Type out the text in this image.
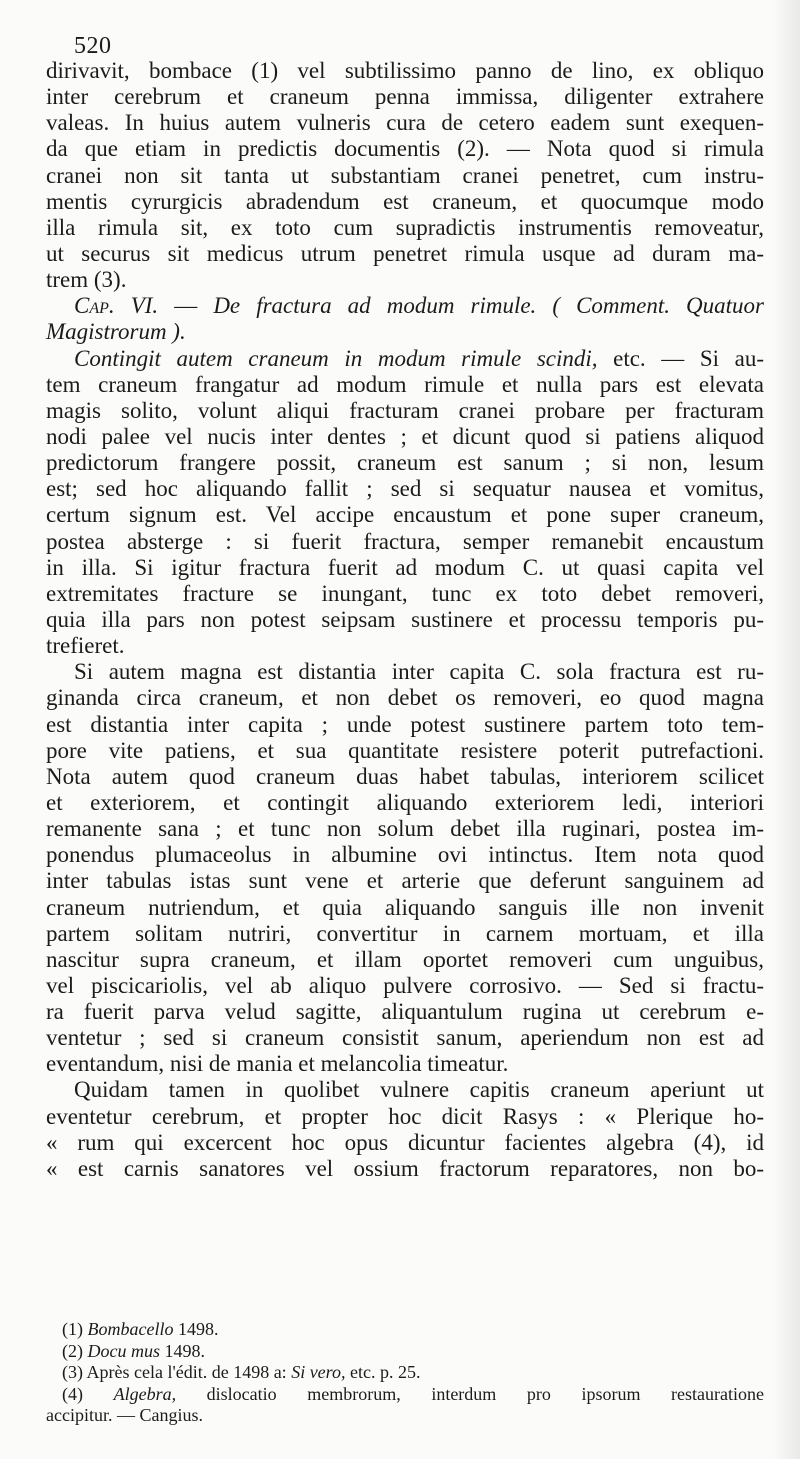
520
dirivavit, bombace (1) vel subtilissimo panno de lino, ex obliquo
inter cerebrum et craneum penna immissa, diligenter extrahere
valeas. In huius autem vulneris cura de cetero eadem sunt exequen-
da que etiam in predictis documentis (2). — Nota quod si rimula
cranei non sit tanta ut substantiam cranei penetret, cum instru-
mentis cyrurgicis abradendum est craneum, et quocumque modo
illa rimula sit, ex toto cum supradictis instrumentis removeatur,
ut securus sit medicus utrum penetret rimula usque ad duram ma-
trem (3).
Cap. VI. — De fractura ad modum rimule. ( Comment. Quatuor
Magistrorum ).
Contingit autem craneum in modum rimule scindi, etc. — Si au-
tem craneum frangatur ad modum rimule et nulla pars est elevata
magis solito, volunt aliqui fracturam cranei probare per fracturam
nodi palee vel nucis inter dentes ; et dicunt quod si patiens aliquod
predictorum frangere possit, craneum est sanum ; si non, lesum
est; sed hoc aliquando fallit ; sed si sequatur nausea et vomitus,
certum signum est. Vel accipe encaustum et pone super craneum,
postea absterge : si fuerit fractura, semper remanebit encaustum
in illa. Si igitur fractura fuerit ad modum C. ut quasi capita vel
extremitates fracture se inungant, tunc ex toto debet removeri,
quia illa pars non potest seipsam sustinere et processu temporis pu-
trefieret.
Si autem magna est distantia inter capita C. sola fractura est ru-
ginanda circa craneum, et non debet os removeri, eo quod magna
est distantia inter capita ; unde potest sustinere partem toto tem-
pore vite patiens, et sua quantitate resistere poterit putrefactioni.
Nota autem quod craneum duas habet tabulas, interiorem scilicet
et exteriorem, et contingit aliquando exteriorem ledi, interiori
remanente sana ; et tunc non solum debet illa ruginari, postea im-
ponendus plumaceolus in albumine ovi intinctus. Item nota quod
inter tabulas istas sunt vene et arterie que deferunt sanguinem ad
craneum nutriendum, et quia aliquando sanguis ille non invenit
partem solitam nutriri, convertitur in carnem mortuam, et illa
nascitur supra craneum, et illam oportet removeri cum unguibus,
vel piscicariolis, vel ab aliquo pulvere corrosivo. — Sed si fractu-
ra fuerit parva velud sagitte, aliquantulum rugina ut cerebrum e-
ventetur ; sed si craneum consistit sanum, aperiendum non est ad
eventandum, nisi de mania et melancolia timeatur.
Quidam tamen in quolibet vulnere capitis craneum aperiunt ut
eventetur cerebrum, et propter hoc dicit Rasys : « Plerique ho-
« rum qui excercent hoc opus dicuntur facientes algebra (4), id
« est carnis sanatores vel ossium fractorum reparatores, non bo-
(1) Bombacello 1498.
(2) Docu mus 1498.
(3) Après cela l'édit. de 1498 a: Si vero, etc. p. 25.
(4) Algebra, dislocatio membrorum, interdum pro ipsorum restauratione
accipitur. — Cangius.
